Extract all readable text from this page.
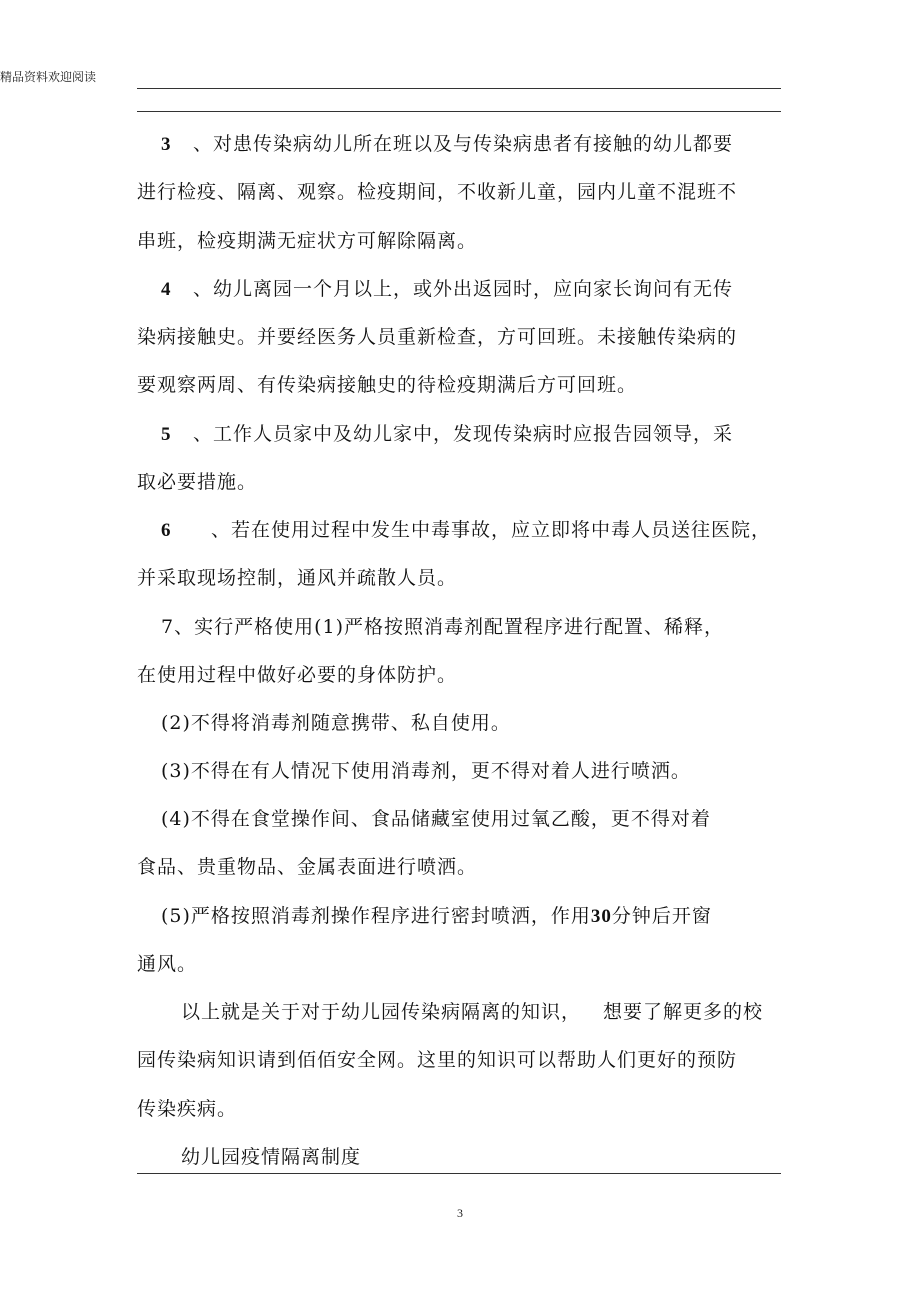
精品资料欢迎阅读
3 、对患传染病幼儿所在班以及与传染病患者有接触的幼儿都要
进行检疫、隔离、观察。检疫期间，不收新儿童，园内儿童不混班不
串班，检疫期满无症状方可解除隔离。
4 、幼儿离园一个月以上，或外出返园时，应向家长询问有无传
染病接触史。并要经医务人员重新检查，方可回班。未接触传染病的
要观察两周、有传染病接触史的待检疫期满后方可回班。
5 、工作人员家中及幼儿家中，发现传染病时应报告园领导，采
取必要措施。
6 、若在使用过程中发生中毒事故，应立即将中毒人员送往医院，
并采取现场控制，通风并疏散人员。
7、实行严格使用(1)严格按照消毒剂配置程序进行配置、稀释，
在使用过程中做好必要的身体防护。
(2)不得将消毒剂随意携带、私自使用。
(3)不得在有人情况下使用消毒剂，更不得对着人进行喷洒。
(4)不得在食堂操作间、食品储藏室使用过氧乙酸，更不得对着
食品、贵重物品、金属表面进行喷洒。
(5)严格按照消毒剂操作程序进行密封喷洒，作用30分钟后开窗
通风。
以上就是关于对于幼儿园传染病隔离的知识， 想要了解更多的校
园传染病知识请到佰佰安全网。这里的知识可以帮助人们更好的预防
传染疾病。
幼儿园疫情隔离制度
3
